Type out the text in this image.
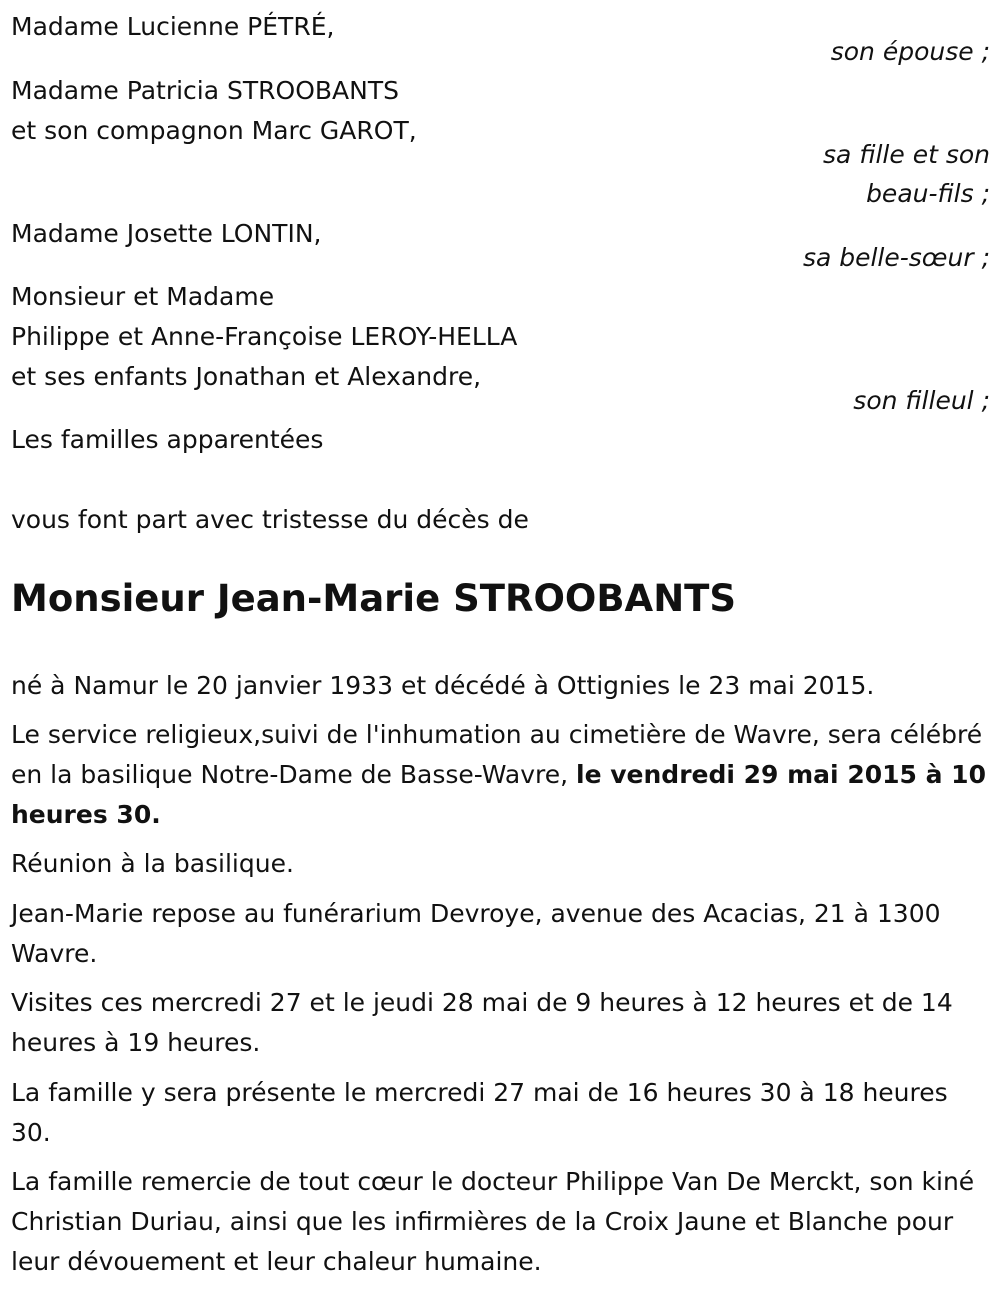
Madame Lucienne PÉTRÉ,
son épouse ;
Madame Patricia STROOBANTS
et son compagnon Marc GAROT,
sa fille et son
beau-fils ;
Madame Josette LONTIN,
sa belle-sœur ;
Monsieur et Madame
Philippe et Anne-Françoise LEROY-HELLA
et ses enfants Jonathan et Alexandre,
son filleul ;
Les familles apparentées
vous font part avec tristesse du décès de
Monsieur Jean-Marie STROOBANTS
né à Namur le 20 janvier 1933 et décédé à Ottignies le 23 mai 2015.
Le service religieux,suivi de l'inhumation au cimetière de Wavre, sera célébré en la basilique Notre-Dame de Basse-Wavre, le vendredi 29 mai 2015 à 10 heures 30.
Réunion à la basilique.
Jean-Marie repose au funérarium Devroye, avenue des Acacias, 21 à 1300 Wavre.
Visites ces mercredi 27 et le jeudi 28 mai de 9 heures à 12 heures et de 14 heures à 19 heures.
La famille y sera présente le mercredi 27 mai de 16 heures 30 à 18 heures 30.
La famille remercie de tout cœur le docteur Philippe Van De Merckt, son kiné Christian Duriau, ainsi que les infirmières de la Croix Jaune et Blanche pour leur dévouement et leur chaleur humaine.
